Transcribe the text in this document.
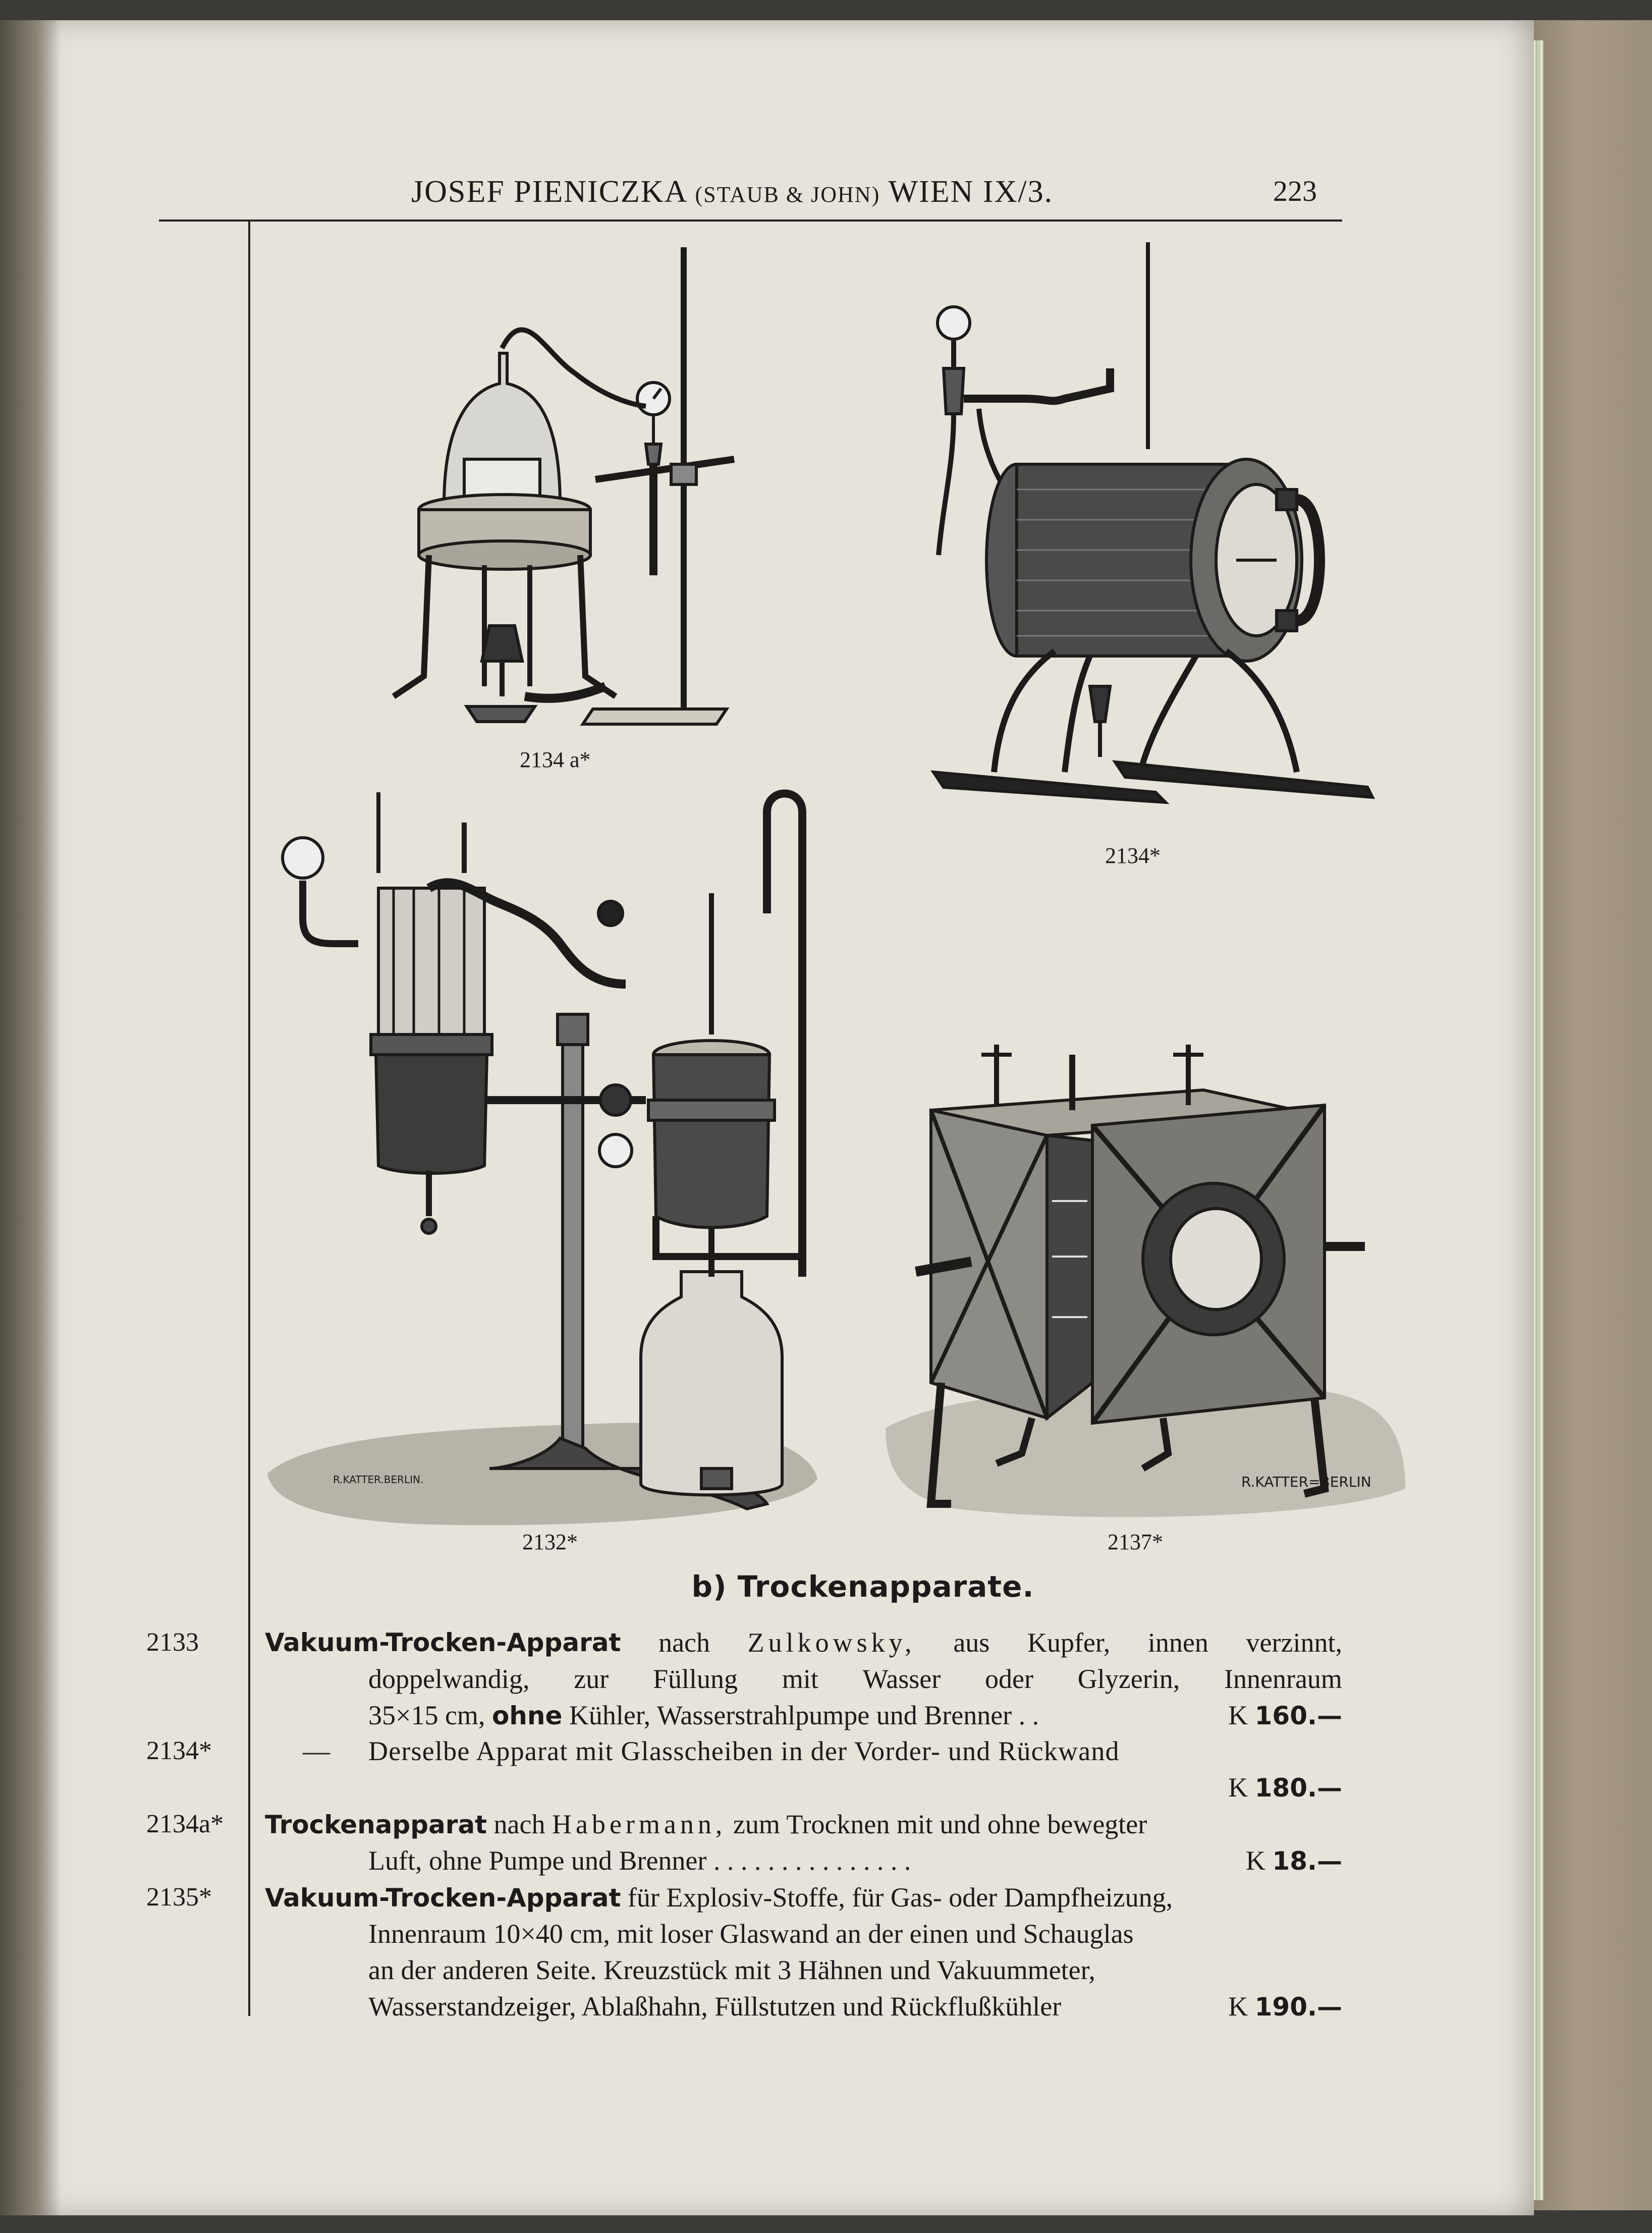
JOSEF PIENICZKA (STAUB & JOHN) WIEN IX/3.	223
2134 a*
2134*
R.KATTER.BERLIN.
2132*
R.KATTER=BERLIN
2137*
b) Trockenapparate.
2133	Vakuum-Trocken-Apparat nach Zulkowsky, aus Kupfer, innen verzinnt,
doppelwandig, zur Füllung mit Wasser oder Glyzerin, Innenraum
35×15 cm, ohne Kühler, Wasserstrahlpumpe und Brenner . .	K 160.—
2134*	— Derselbe Apparat mit Glasscheiben in der Vorder- und Rückwand
K 180.—
2134a* Trockenapparat nach Habermann, zum Trocknen mit und ohne bewegter
Luft, ohne Pumpe und Brenner . . . . . . . . . . . . . . .	K 18.—
2135* Vakuum-Trocken-Apparat für Explosiv-Stoffe, für Gas- oder Dampfheizung,
Innenraum 10×40 cm, mit loser Glaswand an der einen und Schauglas
an der anderen Seite. Kreuzstück mit 3 Hähnen und Vakuummeter,
Wasserstandzeiger, Ablaßhahn, Füllstutzen und Rückflußkühler	K 190.—
